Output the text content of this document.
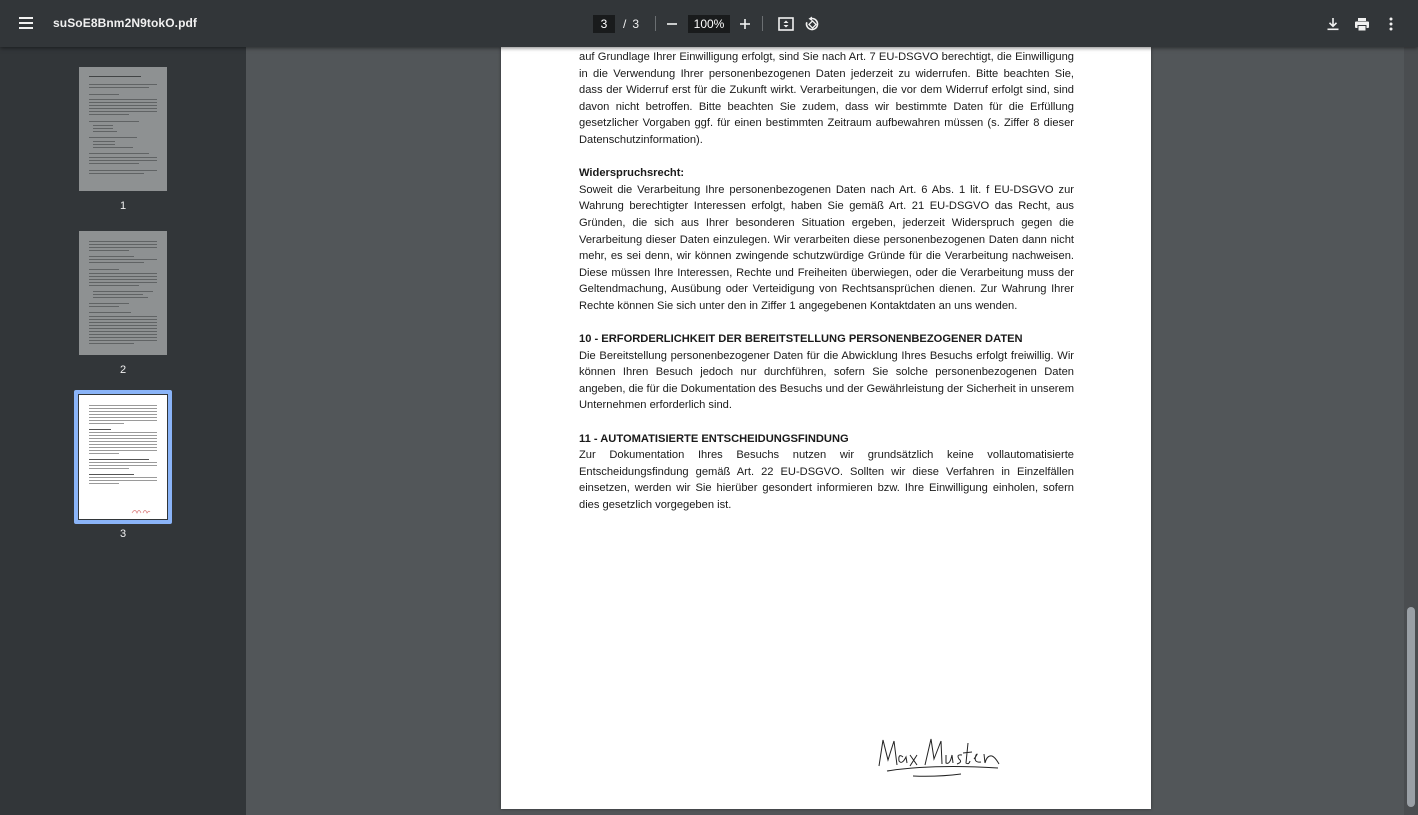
suSoE8Bnm2N9tokO.pdf
3	/ 3
100%
1
2
3

auf Grundlage Ihrer Einwilligung erfolgt, sind Sie nach Art. 7 EU-DSGVO berechtigt, die Einwilligung in die Verwendung Ihrer personenbezogenen Daten jederzeit zu widerrufen. Bitte beachten Sie, dass der Widerruf erst für die Zukunft wirkt. Verarbeitungen, die vor dem Widerruf erfolgt sind, sind davon nicht betroffen. Bitte beachten Sie zudem, dass wir bestimmte Daten für die Erfüllung gesetzlicher Vorgaben ggf. für einen bestimmten Zeitraum aufbewahren müssen (s. Ziffer 8 dieser Datenschutzinformation).

Widerspruchsrecht:
Soweit die Verarbeitung Ihre personenbezogenen Daten nach Art. 6 Abs. 1 lit. f EU-DSGVO zur Wahrung berechtigter Interessen erfolgt, haben Sie gemäß Art. 21 EU-DSGVO das Recht, aus Gründen, die sich aus Ihrer besonderen Situation ergeben, jederzeit Widerspruch gegen die Verarbeitung dieser Daten einzulegen. Wir verarbeiten diese personenbezogenen Daten dann nicht mehr, es sei denn, wir können zwingende schutzwürdige Gründe für die Verarbeitung nachweisen. Diese müssen Ihre Interessen, Rechte und Freiheiten überwiegen, oder die Verarbeitung muss der Geltendmachung, Ausübung oder Verteidigung von Rechtsansprüchen dienen. Zur Wahrung Ihrer Rechte können Sie sich unter den in Ziffer 1 angegebenen Kontaktdaten an uns wenden.

10 - ERFORDERLICHKEIT DER BEREITSTELLUNG PERSONENBEZOGENER DATEN
Die Bereitstellung personenbezogener Daten für die Abwicklung Ihres Besuchs erfolgt freiwillig. Wir können Ihren Besuch jedoch nur durchführen, sofern Sie solche personenbezogenen Daten angeben, die für die Dokumentation des Besuchs und der Gewährleistung der Sicherheit in unserem Unternehmen erforderlich sind.

11 - AUTOMATISIERTE ENTSCHEIDUNGSFINDUNG
Zur Dokumentation Ihres Besuchs nutzen wir grundsätzlich keine vollautomatisierte Entscheidungsfindung gemäß Art. 22 EU-DSGVO. Sollten wir diese Verfahren in Einzelfällen einsetzen, werden wir Sie hierüber gesondert informieren bzw. Ihre Einwilligung einholen, sofern dies gesetzlich vorgegeben ist.
